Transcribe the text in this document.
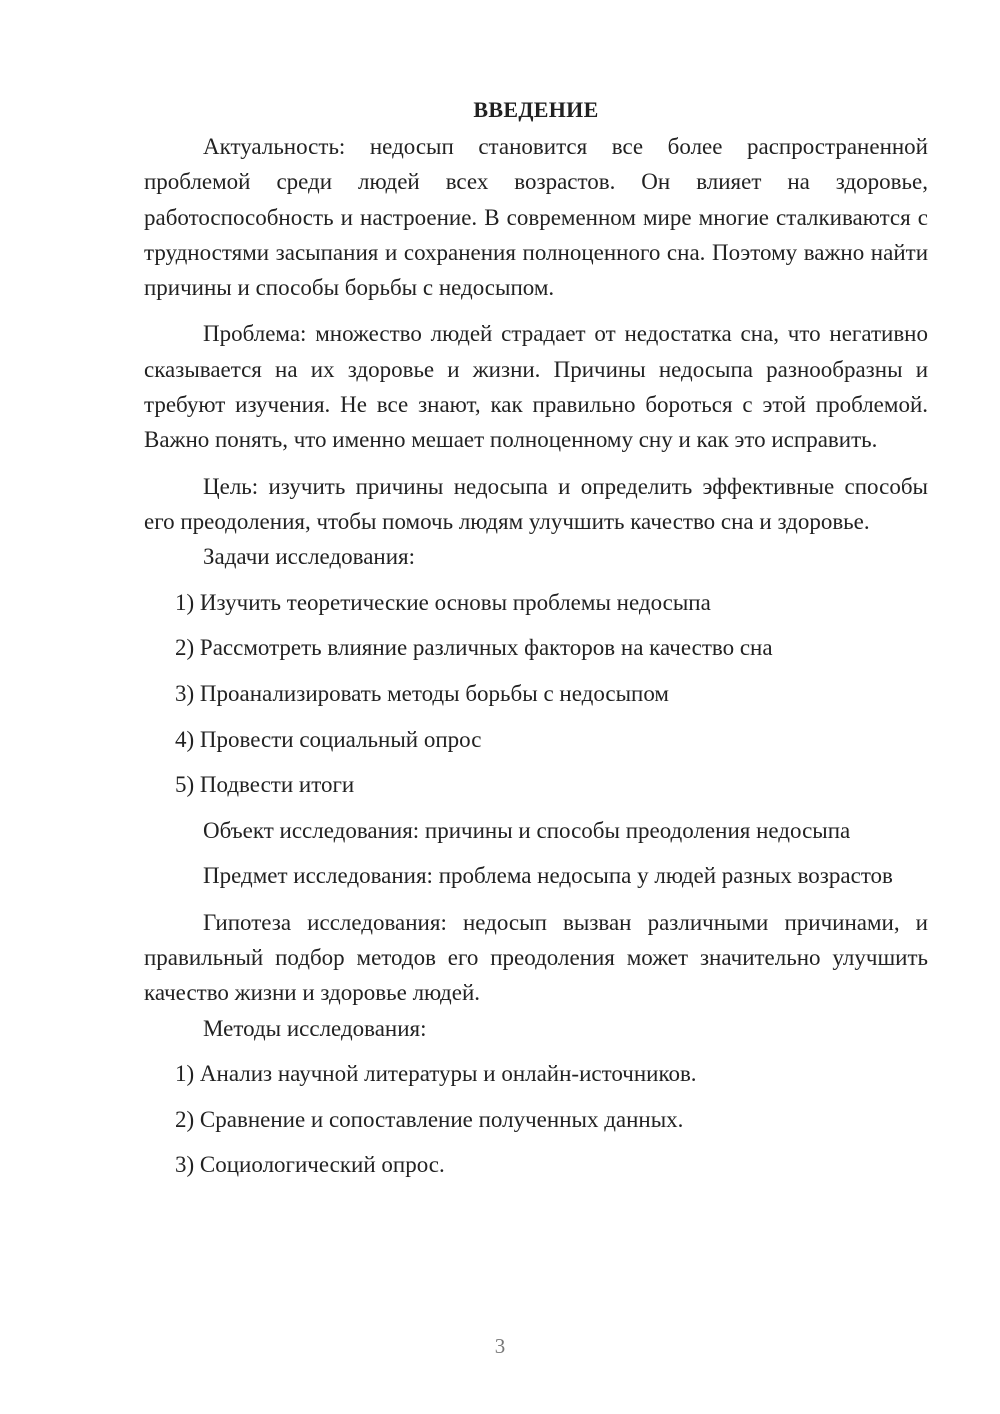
ВВЕДЕНИЕ

Актуальность: недосып становится все более распространенной проблемой среди людей всех возрастов. Он влияет на здоровье, работоспособность и настроение. В современном мире многие сталкиваются с трудностями засыпания и сохранения полноценного сна. Поэтому важно найти причины и способы борьбы с недосыпом.

Проблема: множество людей страдает от недостатка сна, что негативно сказывается на их здоровье и жизни. Причины недосыпа разнообразны и требуют изучения. Не все знают, как правильно бороться с этой проблемой. Важно понять, что именно мешает полноценному сну и как это исправить.

Цель: изучить причины недосыпа и определить эффективные способы его преодоления, чтобы помочь людям улучшить качество сна и здоровье.

Задачи исследования:

1) Изучить теоретические основы проблемы недосыпа

2) Рассмотреть влияние различных факторов на качество сна

3) Проанализировать методы борьбы с недосыпом

4) Провести социальный опрос

5) Подвести итоги

Объект исследования: причины и способы преодоления недосыпа

Предмет исследования: проблема недосыпа у людей разных возрастов

Гипотеза исследования: недосып вызван различными причинами, и правильный подбор методов его преодоления может значительно улучшить качество жизни и здоровье людей.

Методы исследования:

1) Анализ научной литературы и онлайн-источников.

2) Сравнение и сопоставление полученных данных.

3) Социологический опрос.

3
